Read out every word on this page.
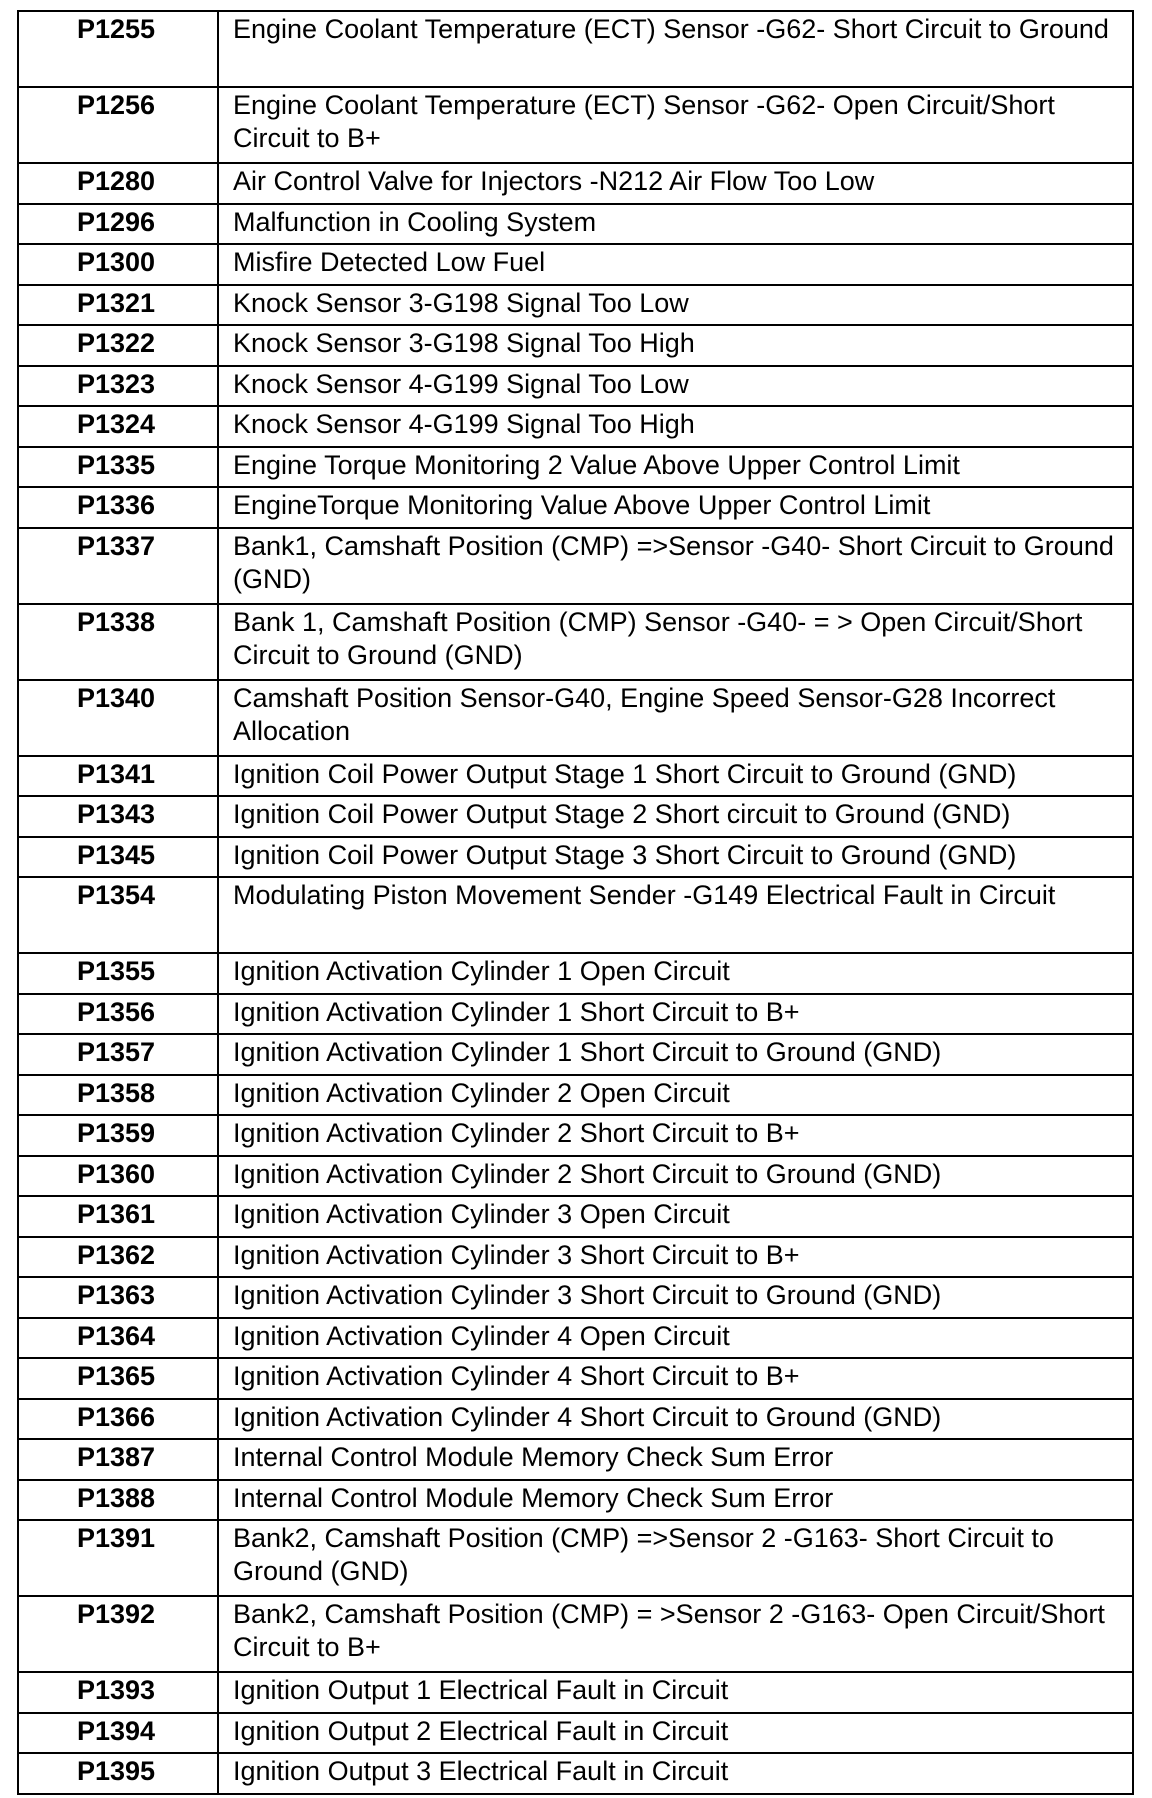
P1255	Engine Coolant Temperature (ECT) Sensor -G62- Short Circuit to Ground
P1256	Engine Coolant Temperature (ECT) Sensor -G62- Open Circuit/Short Circuit to B+
P1280	Air Control Valve for Injectors -N212 Air Flow Too Low
P1296	Malfunction in Cooling System
P1300	Misfire Detected Low Fuel
P1321	Knock Sensor 3-G198 Signal Too Low
P1322	Knock Sensor 3-G198 Signal Too High
P1323	Knock Sensor 4-G199 Signal Too Low
P1324	Knock Sensor 4-G199 Signal Too High
P1335	Engine Torque Monitoring 2 Value Above Upper Control Limit
P1336	EngineTorque Monitoring Value Above Upper Control Limit
P1337	Bank1, Camshaft Position (CMP) =>Sensor -G40- Short Circuit to Ground (GND)
P1338	Bank 1, Camshaft Position (CMP) Sensor -G40- = > Open Circuit/Short Circuit to Ground (GND)
P1340	Camshaft Position Sensor-G40, Engine Speed Sensor-G28 Incorrect Allocation
P1341	Ignition Coil Power Output Stage 1 Short Circuit to Ground (GND)
P1343	Ignition Coil Power Output Stage 2 Short circuit to Ground (GND)
P1345	Ignition Coil Power Output Stage 3 Short Circuit to Ground (GND)
P1354	Modulating Piston Movement Sender -G149 Electrical Fault in Circuit
P1355	Ignition Activation Cylinder 1 Open Circuit
P1356	Ignition Activation Cylinder 1 Short Circuit to B+
P1357	Ignition Activation Cylinder 1 Short Circuit to Ground (GND)
P1358	Ignition Activation Cylinder 2 Open Circuit
P1359	Ignition Activation Cylinder 2 Short Circuit to B+
P1360	Ignition Activation Cylinder 2 Short Circuit to Ground (GND)
P1361	Ignition Activation Cylinder 3 Open Circuit
P1362	Ignition Activation Cylinder 3 Short Circuit to B+
P1363	Ignition Activation Cylinder 3 Short Circuit to Ground (GND)
P1364	Ignition Activation Cylinder 4 Open Circuit
P1365	Ignition Activation Cylinder 4 Short Circuit to B+
P1366	Ignition Activation Cylinder 4 Short Circuit to Ground (GND)
P1387	Internal Control Module Memory Check Sum Error
P1388	Internal Control Module Memory Check Sum Error
P1391	Bank2, Camshaft Position (CMP) =>Sensor 2 -G163- Short Circuit to Ground (GND)
P1392	Bank2, Camshaft Position (CMP) = >Sensor 2 -G163- Open Circuit/Short Circuit to B+
P1393	Ignition Output 1 Electrical Fault in Circuit
P1394	Ignition Output 2 Electrical Fault in Circuit
P1395	Ignition Output 3 Electrical Fault in Circuit
